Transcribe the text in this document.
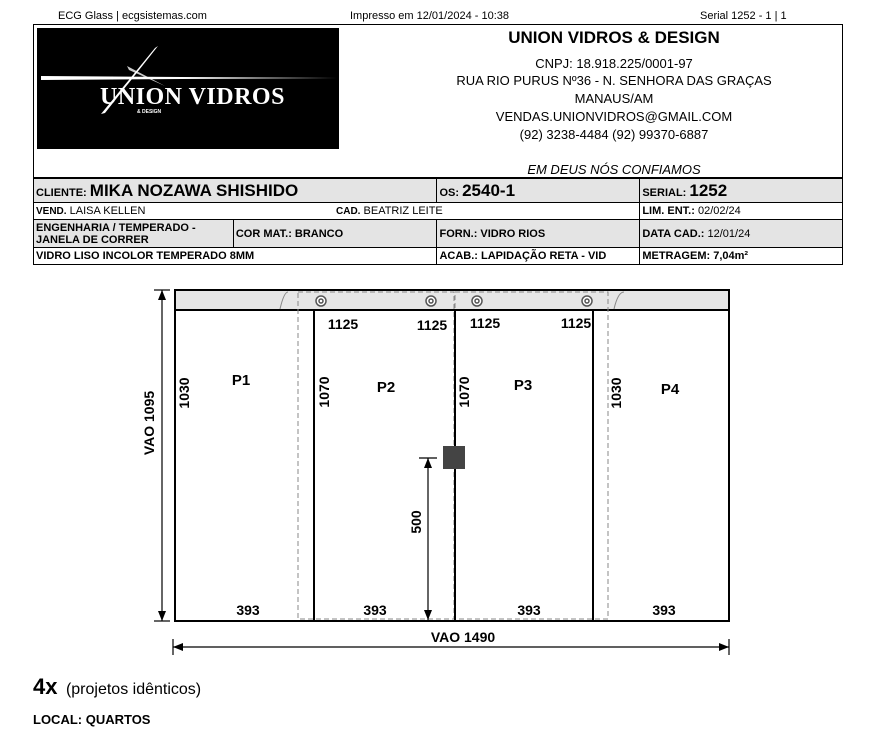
ECG Glass | ecgsistemas.com	Impresso em 12/01/2024 - 10:38	Serial 1252 - 1 | 1
UNION VIDROS
& DESIGN
UNION VIDROS & DESIGN
CNPJ: 18.918.225/0001-97
RUA RIO PURUS Nº36 - N. SENHORA DAS GRAÇAS
MANAUS/AM
VENDAS.UNIONVIDROS@GMAIL.COM
(92) 3238-4484 (92) 99370-6887
EM DEUS NÓS CONFIAMOS
CLIENTE: MIKA NOZAWA SHISHIDO		OS: 2540-1	SERIAL: 1252
VEND. LAISA KELLEN CAD. BEATRIZ LEITE			LIM. ENT.: 02/02/24

ENGENHARIA / TEMPERADO -
JANELA DE CORRER	COR MAT.: BRANCO	FORN.: VIDRO RIOS	DATA CAD.: 12/01/24
VIDRO LISO INCOLOR TEMPERADO 8MM		ACAB.: LAPIDAÇÃO RETA - VID	METRAGEM: 7,04m²
1125	1125 1125	1125
P1	P2	P3	P4
1030	1070	1070	1030
393	393	393	393
500
VAO 1095
VAO 1490
4x (projetos idênticos)
LOCAL: QUARTOS
